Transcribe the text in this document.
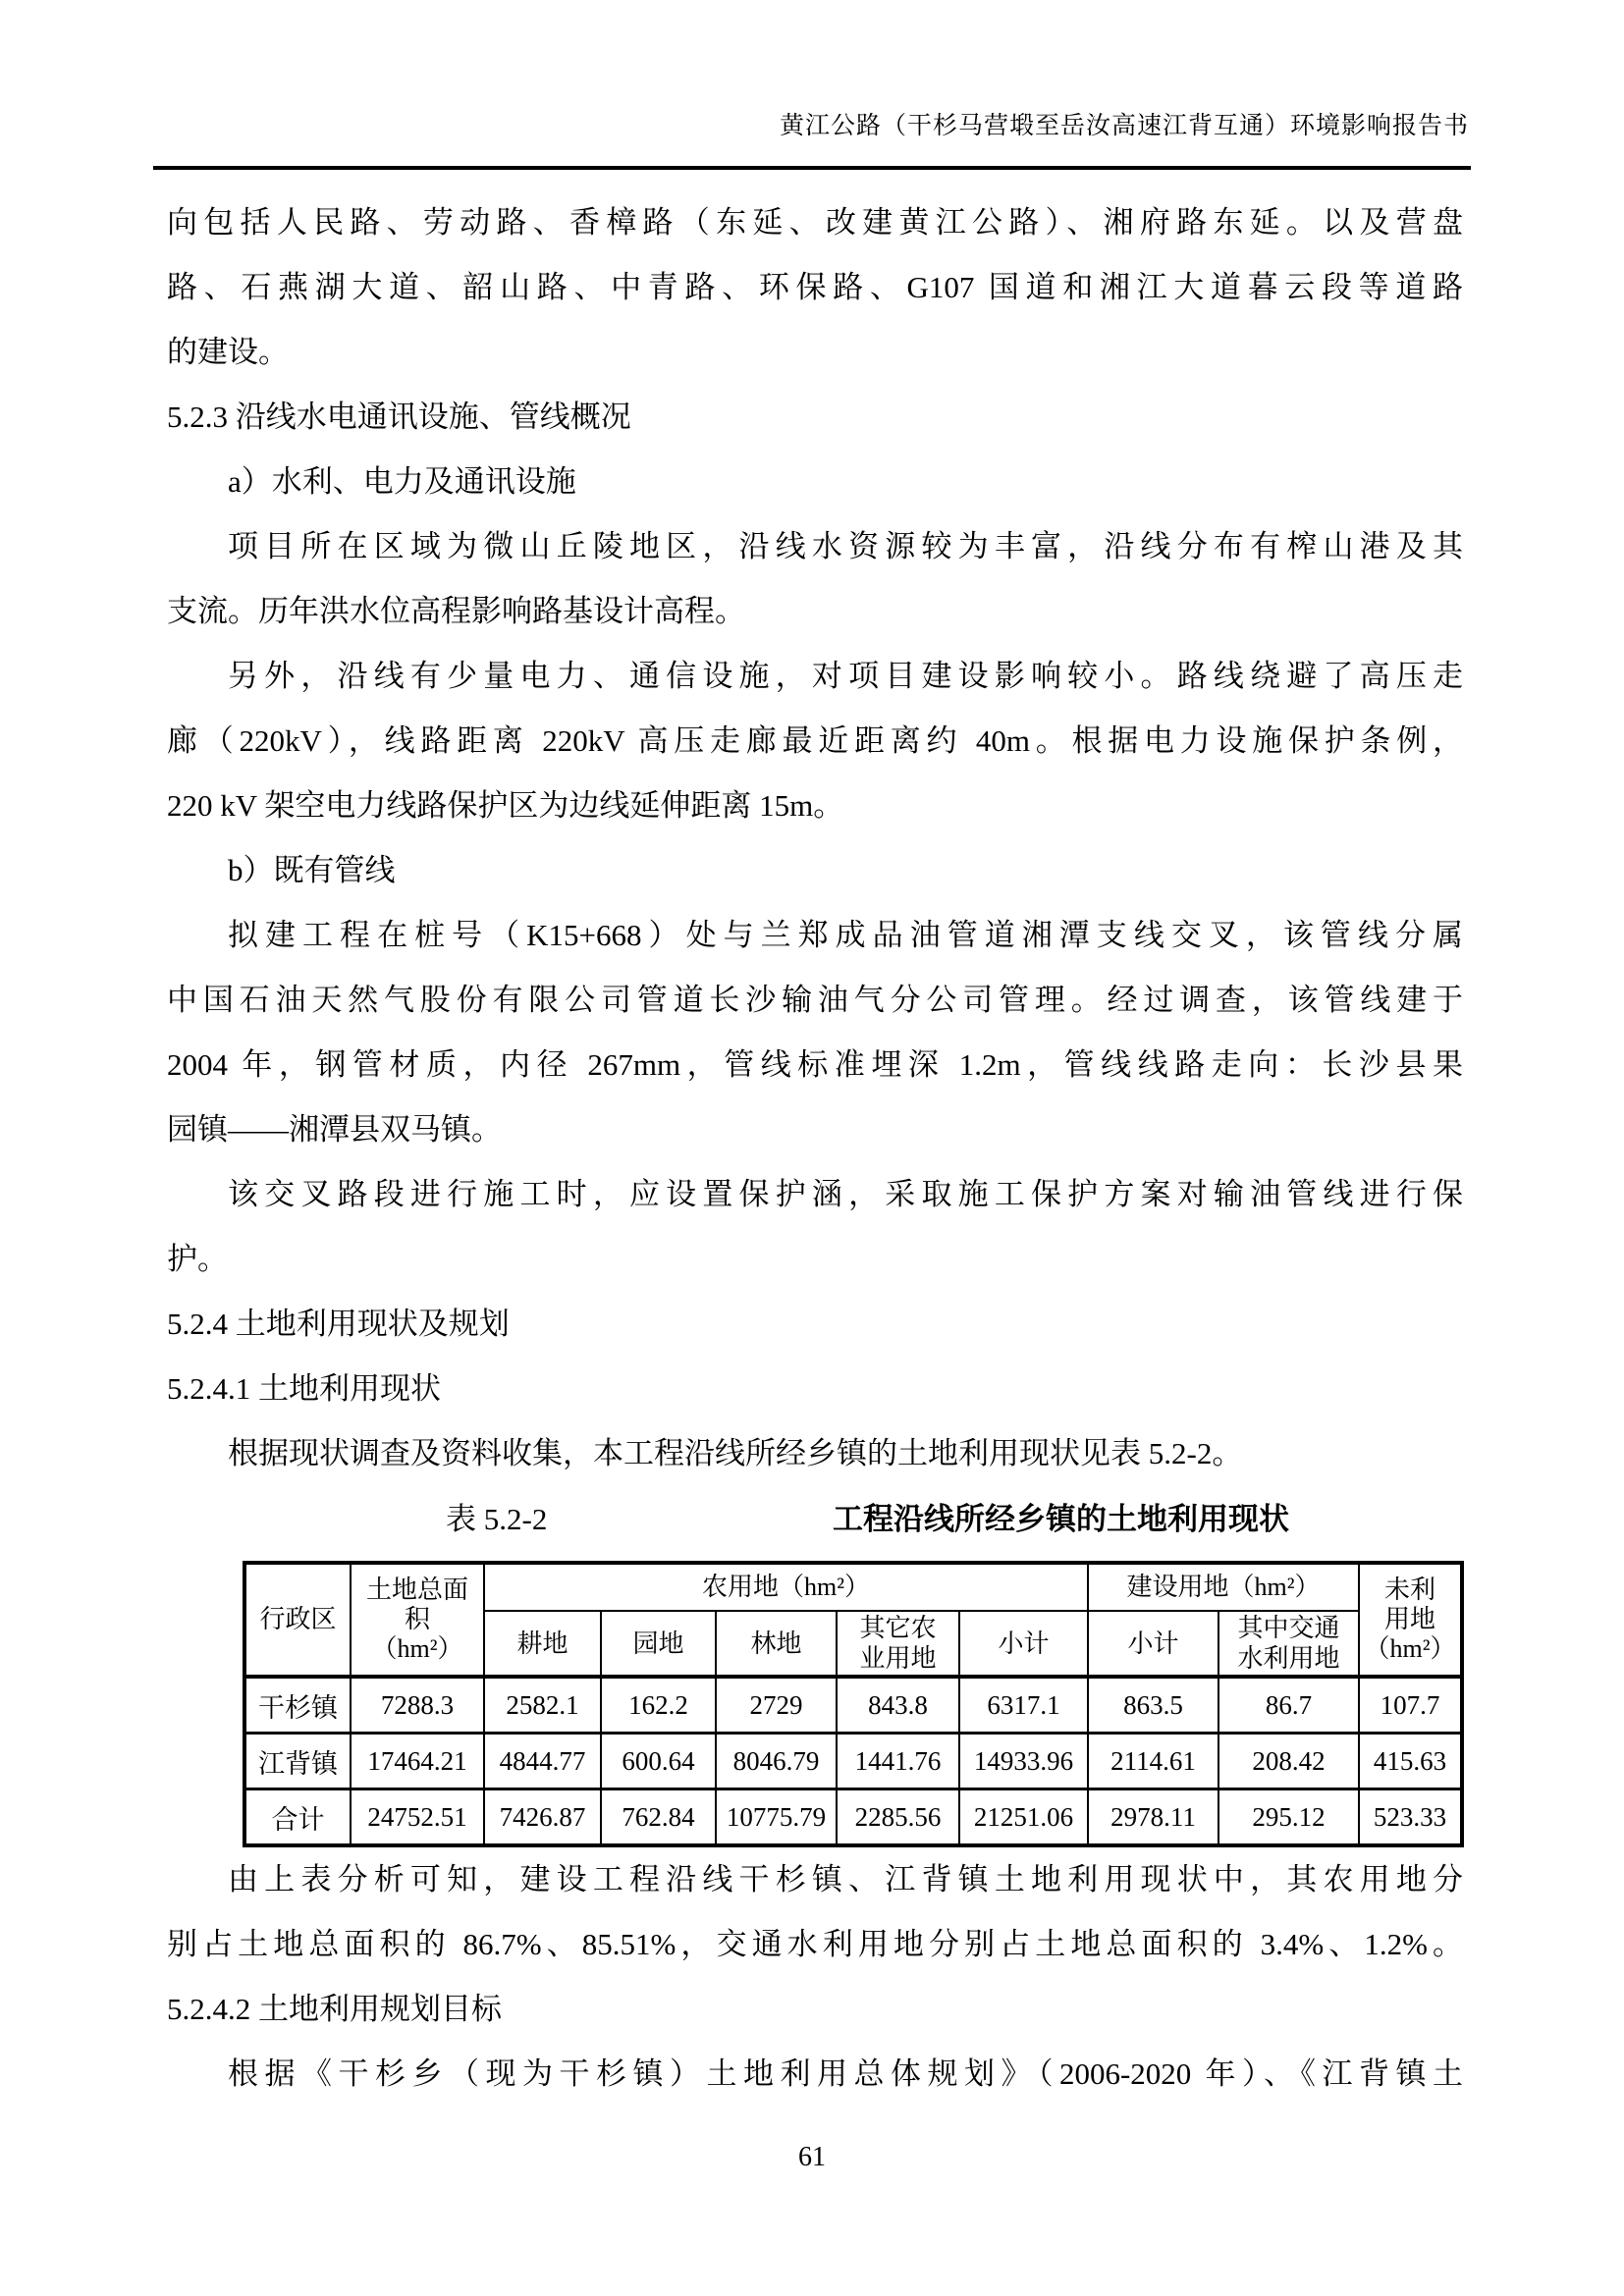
黄江公路（干杉马营塅至岳汝高速江背互通）环境影响报告书
向包括人民路、劳动路、香樟路（东延、改建黄江公路）、湘府路东延。以及营盘
路、石燕湖大道、韶山路、中青路、环保路、G107 国道和湘江大道暮云段等道路
的建设。
5.2.3 沿线水电通讯设施、管线概况
a）水利、电力及通讯设施
项目所在区域为微山丘陵地区，沿线水资源较为丰富，沿线分布有榨山港及其
支流。历年洪水位高程影响路基设计高程。
另外，沿线有少量电力、通信设施，对项目建设影响较小。路线绕避了高压走
廊（220kV），线路距离 220kV 高压走廊最近距离约 40m。根据电力设施保护条例，
220 kV 架空电力线路保护区为边线延伸距离 15m。
b）既有管线
拟建工程在桩号（K15+668）处与兰郑成品油管道湘潭支线交叉，该管线分属
中国石油天然气股份有限公司管道长沙输油气分公司管理。经过调查，该管线建于
2004 年，钢管材质，内径 267mm，管线标准埋深 1.2m，管线线路走向：长沙县果
园镇——湘潭县双马镇。
该交叉路段进行施工时，应设置保护涵，采取施工保护方案对输油管线进行保
护。
5.2.4 土地利用现状及规划
5.2.4.1 土地利用现状
根据现状调查及资料收集，本工程沿线所经乡镇的土地利用现状见表 5.2-2。
表 5.2-2	工程沿线所经乡镇的土地利用现状
行政区	土地总面
积
（hm²）	农用地（hm²）					建设用地（hm²）		未利
用地
（hm²）
		耕地	园地	林地	其它农
业用地	小计	小计	其中交通
水利用地	
干杉镇	7288.3	2582.1	162.2	2729	843.8	6317.1	863.5	86.7	107.7
江背镇	17464.21	4844.77	600.64	8046.79	1441.76	14933.96	2114.61	208.42	415.63
合计	24752.51	7426.87	762.84	10775.79	2285.56	21251.06	2978.11	295.12	523.33
由上表分析可知，建设工程沿线干杉镇、江背镇土地利用现状中，其农用地分
别占土地总面积的 86.7%、85.51%，交通水利用地分别占土地总面积的 3.4%、1.2%。
5.2.4.2 土地利用规划目标
根据《干杉乡（现为干杉镇）土地利用总体规划》（2006-2020 年）、《江背镇土
61
